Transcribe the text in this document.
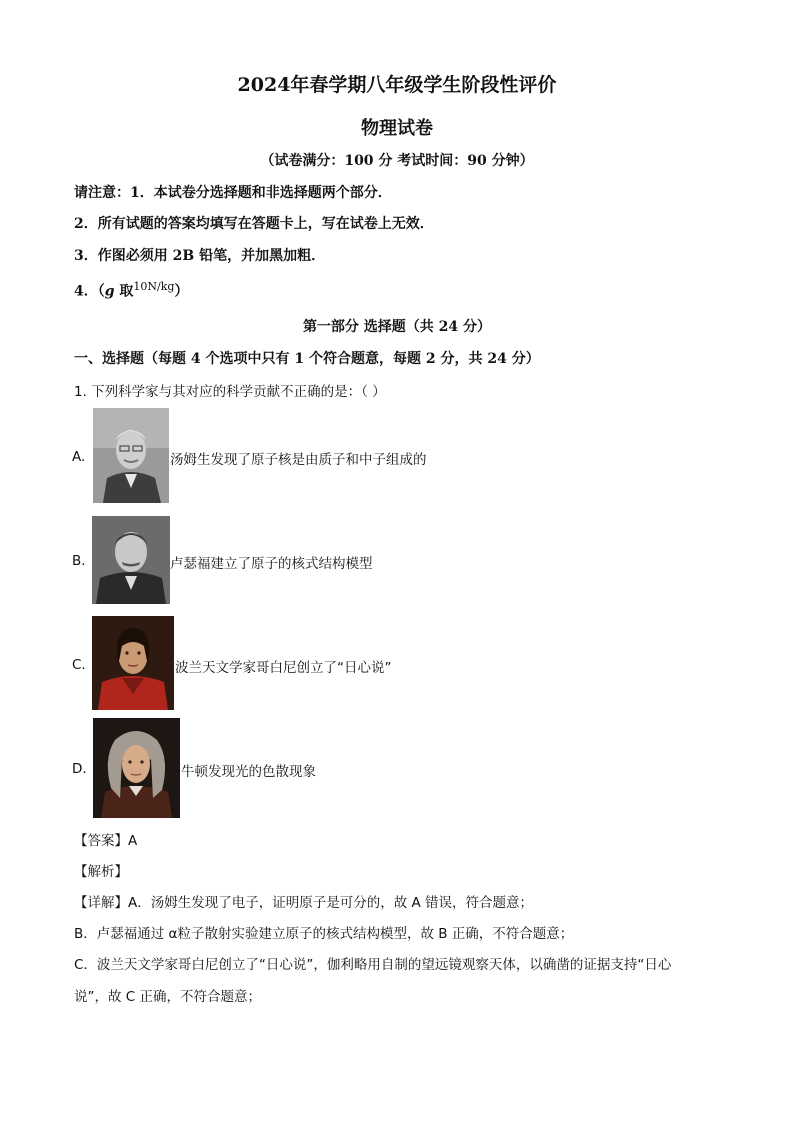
2024年春学期八年级学生阶段性评价
物理试卷
（试卷满分：100 分 考试时间：90 分钟）
请注意：1．本试卷分选择题和非选择题两个部分．
2．所有试题的答案均填写在答题卡上，写在试卷上无效．
3．作图必须用 2B 铅笔，并加黑加粗．
4．（g 取$^{10N/kg}$）
第一部分 选择题（共 24 分）
一、选择题（每题 4 个选项中只有 1 个符合题意，每题 2 分，共 24 分）
1. 下列科学家与其对应的科学贡献不正确的是：（ ）
A.	汤姆生发现了原子核是由质子和中子组成的
B.	卢瑟福建立了原子的核式结构模型
C.	波兰天文学家哥白尼创立了“日心说”
D.	牛顿发现光的色散现象
【答案】A
【解析】
【详解】A．汤姆生发现了电子，证明原子是可分的，故 A 错误，符合题意；
B．卢瑟福通过 α粒子散射实验建立原子的核式结构模型，故 B 正确，不符合题意；
C．波兰天文学家哥白尼创立了“日心说”，伽利略用自制的望远镜观察天体，以确凿的证据支持“日心
说”，故 C 正确，不符合题意；
